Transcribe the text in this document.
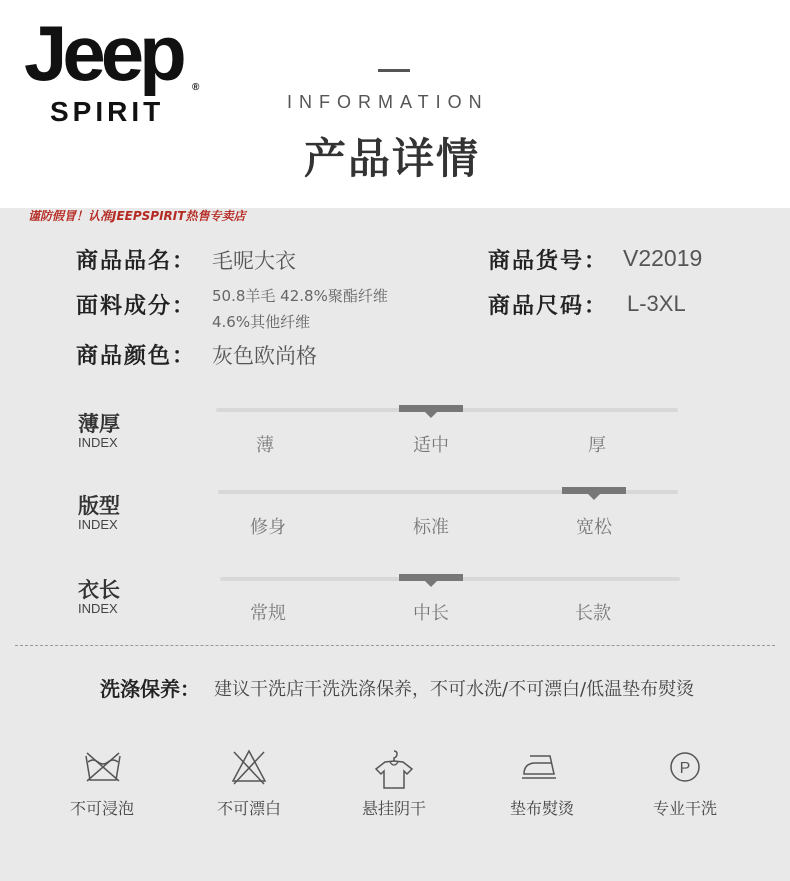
Jeep ®
SPIRIT	INFORMATION
产品详情
谨防假冒！认准JEEPSPIRIT热售专卖店
商品品名： 毛呢大衣	商品货号： V22019
面料成分： 50.8羊毛 42.8%聚酯纤维
4.6%其他纤维
商品尺码： L-3XL
商品颜色： 灰色欧尚格
薄厚
INDEX	薄	适中	厚
版型
INDEX	修身	标准	宽松
衣长
INDEX	常规	中长	长款
洗涤保养： 建议干洗店干洗洗涤保养，不可水洗/不可漂白/低温垫布熨烫
不可浸泡	不可漂白	悬挂阴干	垫布熨烫
P
专业干洗
